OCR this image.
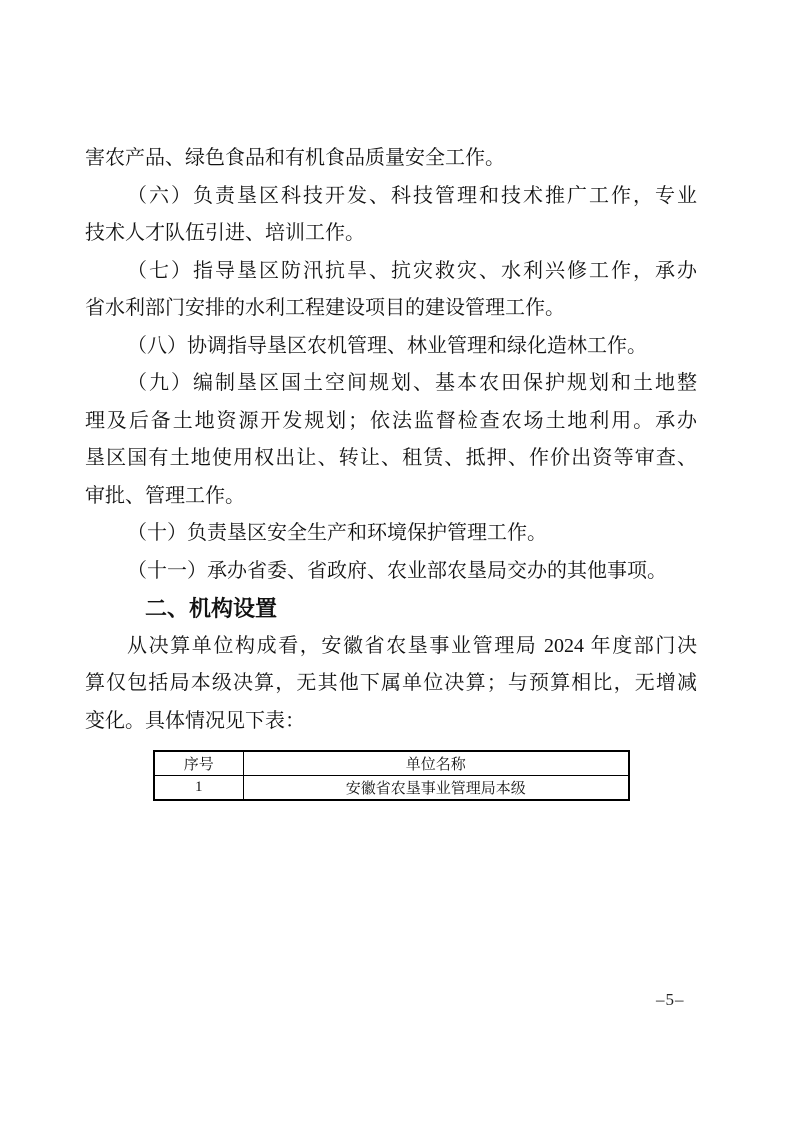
害农产品、绿色食品和有机食品质量安全工作。
（六）负责垦区科技开发、科技管理和技术推广工作，专业
技术人才队伍引进、培训工作。
（七）指导垦区防汛抗旱、抗灾救灾、水利兴修工作，承办
省水利部门安排的水利工程建设项目的建设管理工作。
（八）协调指导垦区农机管理、林业管理和绿化造林工作。
（九）编制垦区国土空间规划、基本农田保护规划和土地整
理及后备土地资源开发规划；依法监督检查农场土地利用。承办
垦区国有土地使用权出让、转让、租赁、抵押、作价出资等审查、
审批、管理工作。
（十）负责垦区安全生产和环境保护管理工作。
（十一）承办省委、省政府、农业部农垦局交办的其他事项。
二、机构设置
从决算单位构成看，安徽省农垦事业管理局 2024 年度部门决
算仅包括局本级决算，无其他下属单位决算；与预算相比，无增减
变化。具体情况见下表：
序号	单位名称
1	安徽省农垦事业管理局本级
–5–
